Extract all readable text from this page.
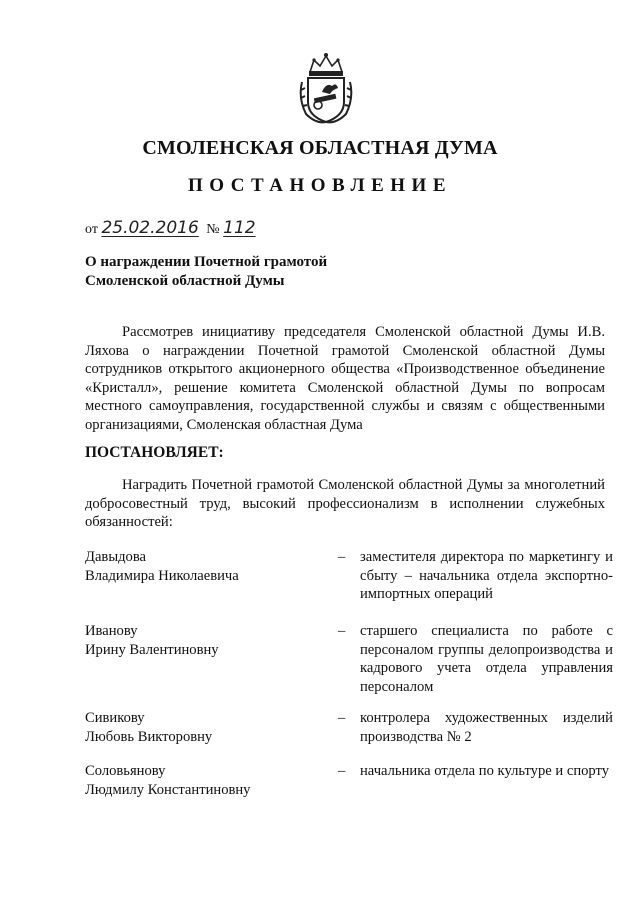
СМОЛЕНСКАЯ ОБЛАСТНАЯ ДУМА
ПОСТАНОВЛЕНИЕ
от 25.02.2016 № 112
О награждении Почетной грамотой
Смоленской областной Думы

Рассмотрев инициативу председателя Смоленской областной Думы И.В. Ляхова о награждении Почетной грамотой Смоленской областной Думы сотрудников открытого акционерного общества «Производственное объединение «Кристалл», решение комитета Смоленской областной Думы по вопросам местного самоуправления, государственной службы и связям с общественными организациями, Смоленская областная Дума

ПОСТАНОВЛЯЕТ:

Наградить Почетной грамотой Смоленской областной Думы за многолетний добросовестный труд, высокий профессионализм в исполнении служебных обязанностей:

Давыдова
Владимира Николаевича
– заместителя директора по маркетингу и сбыту – начальника отдела экспортно-импортных операций
Иванову
Ирину Валентиновну
– старшего специалиста по работе с персоналом группы делопроизводства и кадрового учета отдела управления персоналом
Сивикову
Любовь Викторовну
– контролера художественных изделий производства № 2
Соловьянову
Людмилу Константиновну
– начальника отдела по культуре и спорту
